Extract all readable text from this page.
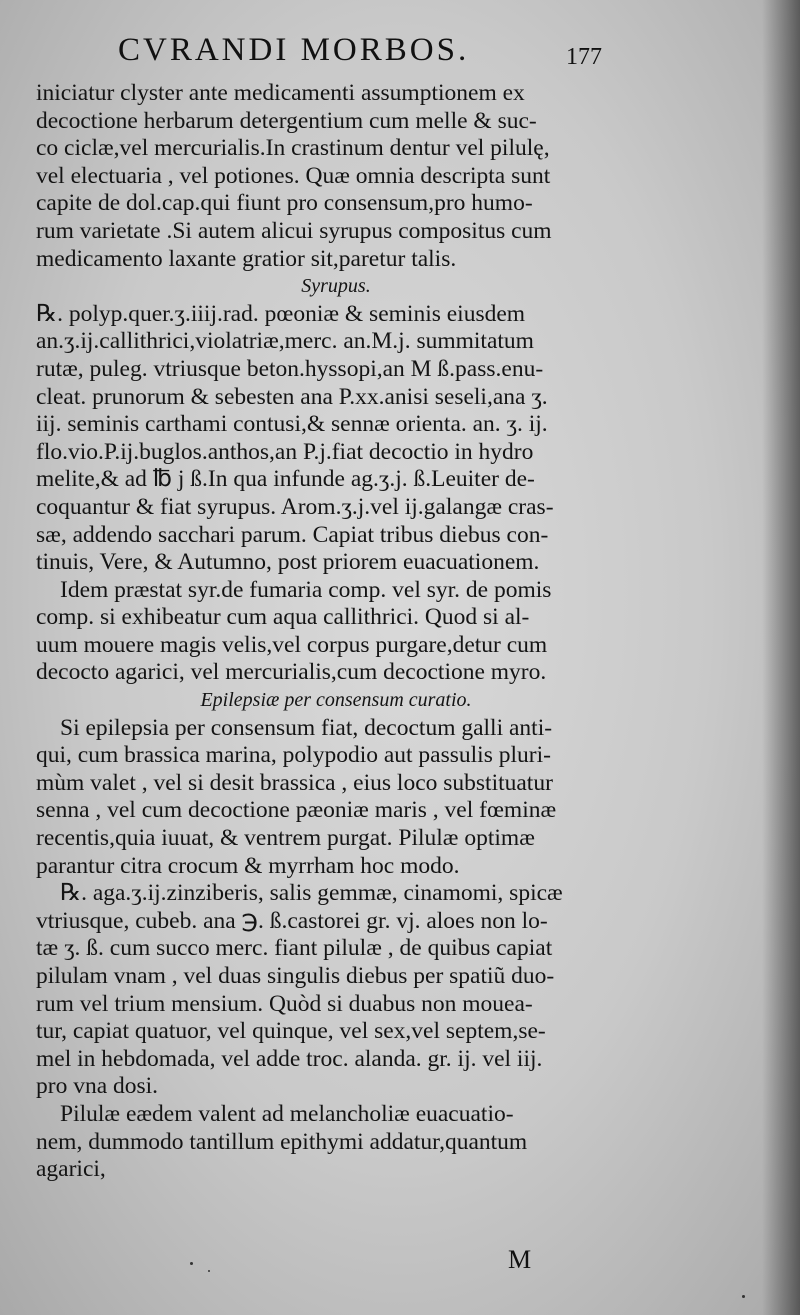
CVRANDI MORBOS.	177
iniciatur clyster ante medicamenti assumptionem ex
decoctione herbarum detergentium cum melle & suc-
co ciclæ,vel mercurialis.In crastinum dentur vel pilulę,
vel electuaria , vel potiones. Quæ omnia descripta sunt
capite de dol.cap.qui fiunt pro consensum,pro humo-
rum varietate .Si autem alicui syrupus compositus cum
medicamento laxante gratior sit,paretur talis.
Syrupus.
℞. polyp.quer.ʒ.iiij.rad. pœoniæ & seminis eiusdem
an.ʒ.ij.callithrici,violatriæ,merc. an.M.j. summitatum
rutæ, puleg. vtriusque beton.hyssopi,an M ß.pass.enu-
cleat. prunorum & sebesten ana P.xx.anisi seseli,ana ʒ.
iij. seminis carthami contusi,& sennæ orienta. an. ʒ. ij.
flo.vio.P.ij.buglos.anthos,an P.j.fiat decoctio in hydro
melite,& ad ℔ j ß.In qua infunde ag.ʒ.j. ß.Leuiter de-
coquantur & fiat syrupus. Arom.ʒ.j.vel ij.galangæ cras-
sæ, addendo sacchari parum. Capiat tribus diebus con-
tinuis, Vere, & Autumno, post priorem euacuationem.
Idem præstat syr.de fumaria comp. vel syr. de pomis
comp. si exhibeatur cum aqua callithrici. Quod si al-
uum mouere magis velis,vel corpus purgare,detur cum
decocto agarici, vel mercurialis,cum decoctione myro.
Epilepsiæ per consensum curatio.
Si epilepsia per consensum fiat, decoctum galli anti-
qui, cum brassica marina, polypodio aut passulis pluri-
mùm valet , vel si desit brassica , eius loco substituatur
senna , vel cum decoctione pæoniæ maris , vel fœminæ
recentis,quia iuuat, & ventrem purgat. Pilulæ optimæ
parantur citra crocum & myrrham hoc modo.
℞. aga.ʒ.ij.zinziberis, salis gemmæ, cinamomi, spicæ
vtriusque, cubeb. ana ℈. ß.castorei gr. vj. aloes non lo-
tæ ʒ. ß. cum succo merc. fiant pilulæ , de quibus capiat
pilulam vnam , vel duas singulis diebus per spatiũ duo-
rum vel trium mensium. Quòd si duabus non moueа-
tur, capiat quatuor, vel quinque, vel sex,vel septem,se-
mel in hebdomada, vel adde troc. alanda. gr. ij. vel iij.
pro vna dosi.
Pilulæ eædem valent ad melancholiæ euacuatio-
nem, dummodo tantillum epithymi addatur,quantum
agarici,
M
